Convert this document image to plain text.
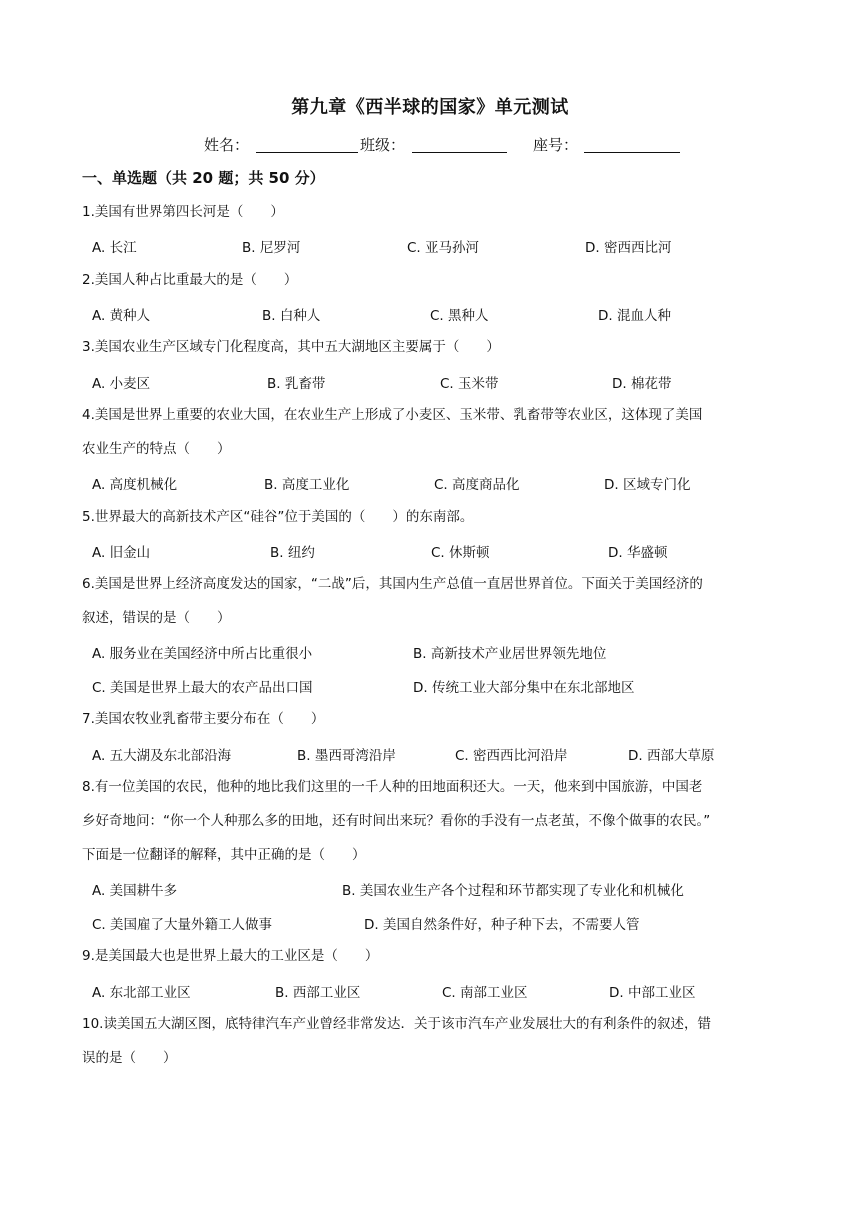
第九章《西半球的国家》单元测试
姓名：	班级：	座号：
一、单选题（共 20 题；共 50 分）
1.美国有世界第四长河是（　　）
A. 长江	B. 尼罗河	C. 亚马孙河	D. 密西西比河
2.美国人种占比重最大的是（　　）
A. 黄种人	B. 白种人	C. 黑种人	D. 混血人种
3.美国农业生产区域专门化程度高，其中五大湖地区主要属于（　　）
A. 小麦区	B. 乳畜带	C. 玉米带	D. 棉花带
4.美国是世界上重要的农业大国，在农业生产上形成了小麦区、玉米带、乳畜带等农业区，这体现了美国
农业生产的特点（　　）
A. 高度机械化	B. 高度工业化	C. 高度商品化	D. 区域专门化
5.世界最大的高新技术产区“硅谷”位于美国的（　　）的东南部。
A. 旧金山	B. 纽约	C. 休斯顿	D. 华盛顿
6.美国是世界上经济高度发达的国家，“二战”后，其国内生产总值一直居世界首位。下面关于美国经济的
叙述，错误的是（　　）
A. 服务业在美国经济中所占比重很小	B. 高新技术产业居世界领先地位
C. 美国是世界上最大的农产品出口国	D. 传统工业大部分集中在东北部地区
7.美国农牧业乳畜带主要分布在（　　）
A. 五大湖及东北部沿海	B. 墨西哥湾沿岸	C. 密西西比河沿岸	D. 西部大草原
8.有一位美国的农民，他种的地比我们这里的一千人种的田地面积还大。一天，他来到中国旅游，中国老
乡好奇地问：“你一个人种那么多的田地，还有时间出来玩？看你的手没有一点老茧，不像个做事的农民。”
下面是一位翻译的解释，其中正确的是（　　）
A. 美国耕牛多	B. 美国农业生产各个过程和环节都实现了专业化和机械化
C. 美国雇了大量外籍工人做事	D. 美国自然条件好，种子种下去，不需要人管
9.是美国最大也是世界上最大的工业区是（　　）
A. 东北部工业区	B. 西部工业区	C. 南部工业区	D. 中部工业区
10.读美国五大湖区图，底特律汽车产业曾经非常发达．关于该市汽车产业发展壮大的有利条件的叙述，错
误的是（　　）
